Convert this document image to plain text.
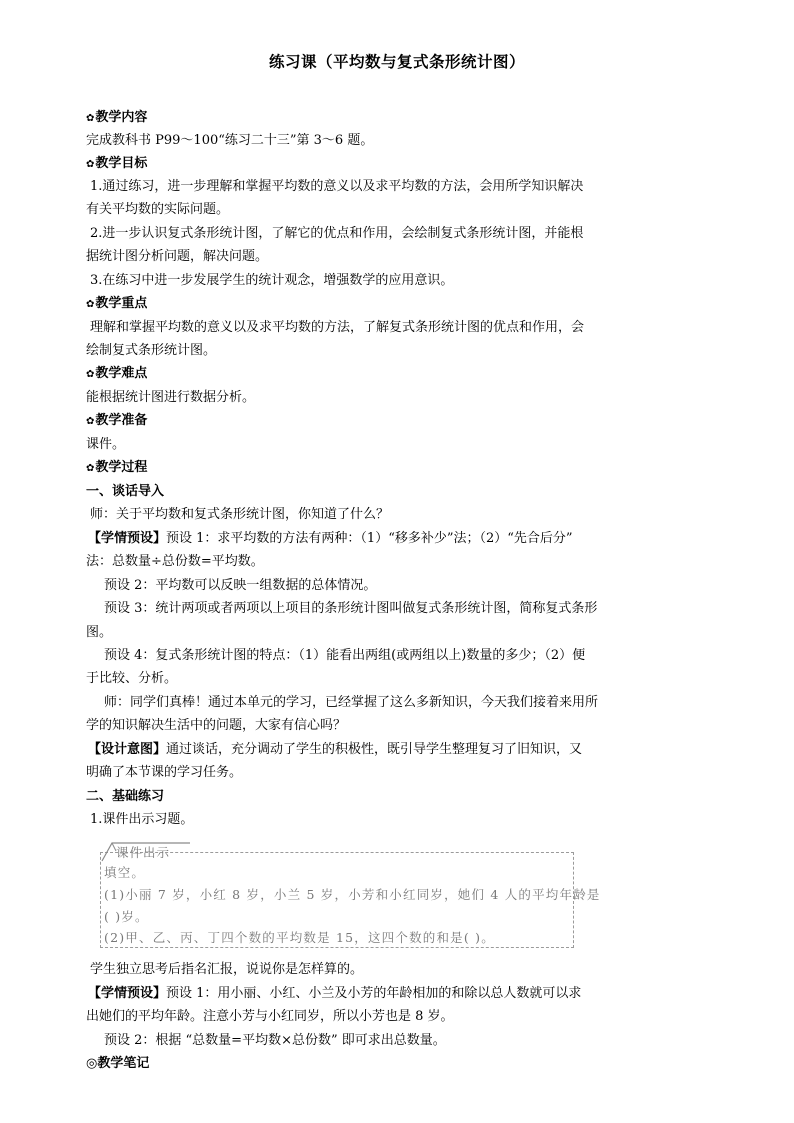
练习课（平均数与复式条形统计图）
✿教学内容
完成教科书 P99～100“练习二十三”第 3～6 题。
✿教学目标
1.通过练习，进一步理解和掌握平均数的意义以及求平均数的方法，会用所学知识解决
有关平均数的实际问题。
2.进一步认识复式条形统计图，了解它的优点和作用，会绘制复式条形统计图，并能根
据统计图分析问题，解决问题。
3.在练习中进一步发展学生的统计观念，增强数学的应用意识。
✿教学重点
理解和掌握平均数的意义以及求平均数的方法，了解复式条形统计图的优点和作用，会
绘制复式条形统计图。
✿教学难点
能根据统计图进行数据分析。
✿教学准备
课件。
✿教学过程
一、谈话导入
师：关于平均数和复式条形统计图，你知道了什么？
【学情预设】预设 1：求平均数的方法有两种：（1）“移多补少”法；（2）“先合后分”
法：总数量÷总份数=平均数。
预设 2：平均数可以反映一组数据的总体情况。
预设 3：统计两项或者两项以上项目的条形统计图叫做复式条形统计图，简称复式条形
图。
预设 4：复式条形统计图的特点：（1）能看出两组(或两组以上)数量的多少；（2）便
于比较、分析。
师：同学们真棒！通过本单元的学习，已经掌握了这么多新知识，今天我们接着来用所
学的知识解决生活中的问题，大家有信心吗？
【设计意图】通过谈话，充分调动了学生的积极性，既引导学生整理复习了旧知识，又
明确了本节课的学习任务。
二、基础练习
1.课件出示习题。
课件出示
填空。
(1)小丽 7 岁，小红 8 岁，小兰 5 岁，小芳和小红同岁，她们 4 人的平均年龄是
( )岁。
(2)甲、乙、丙、丁四个数的平均数是 15，这四个数的和是( )。
学生独立思考后指名汇报，说说你是怎样算的。
【学情预设】预设 1：用小丽、小红、小兰及小芳的年龄相加的和除以总人数就可以求
出她们的平均年龄。注意小芳与小红同岁，所以小芳也是 8 岁。
预设 2：根据 “总数量=平均数×总份数” 即可求出总数量。
◎教学笔记
